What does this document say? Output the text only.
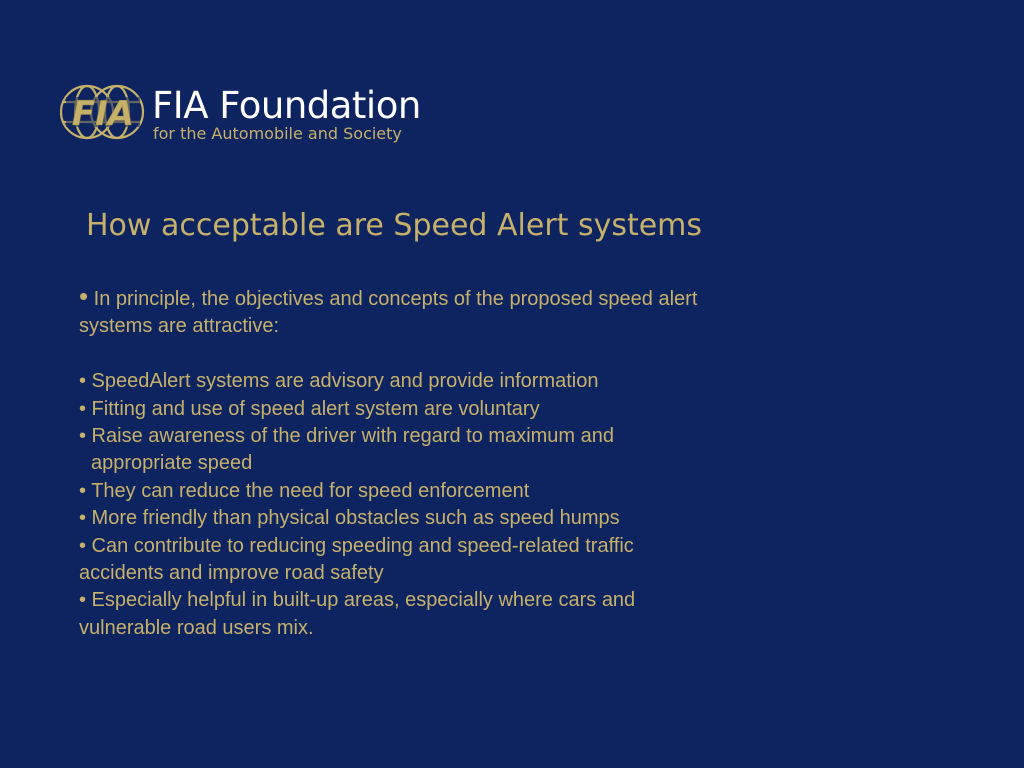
FIA FIA Foundation
for the Automobile and Society
How acceptable are Speed Alert systems

• In principle, the objectives and concepts of the proposed speed alert

systems are attractive:

• SpeedAlert systems are advisory and provide information

• Fitting and use of speed alert system are voluntary

• Raise awareness of the driver with regard to maximum and

appropriate speed

• They can reduce the need for speed enforcement

• More friendly than physical obstacles such as speed humps

• Can contribute to reducing speeding and speed-related traffic

accidents and improve road safety

• Especially helpful in built-up areas, especially where cars and

vulnerable road users mix.
